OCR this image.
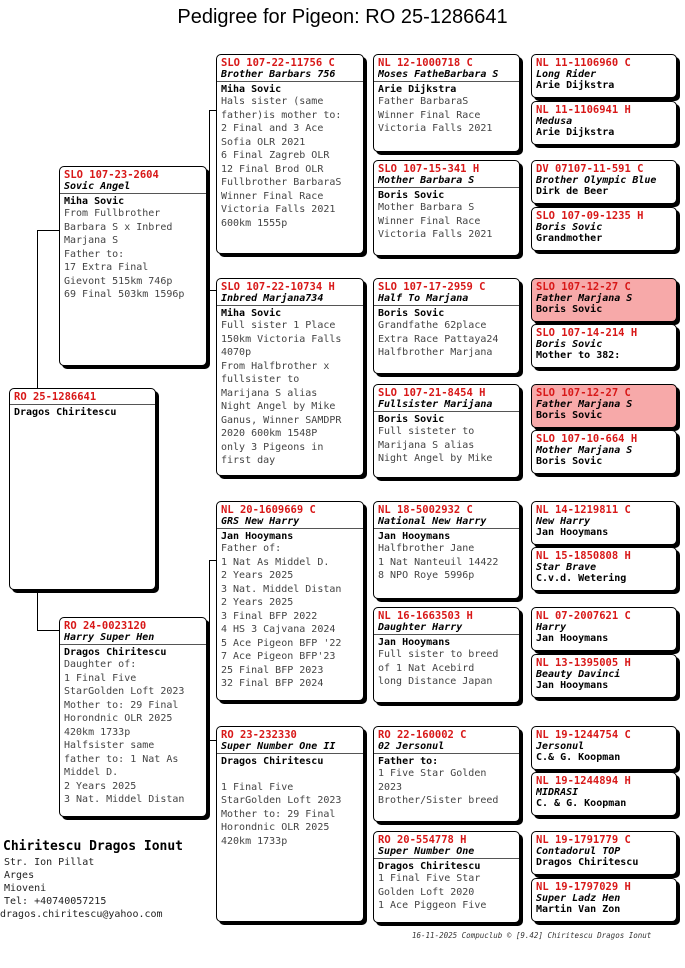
Pedigree for Pigeon: RO 25-1286641
RO 25-1286641
Dragos Chiritescu
SLO 107-23-2604
Sovic Angel
Miha Sovic
From Fullbrother
Barbara S x Inbred
Marjana S
Father to:
17 Extra Final
Gievont 515km 746p
69 Final 503km 1596p
RO 24-0023120
Harry Super Hen
Dragos Chiritescu
Daughter of:
1 Final Five
StarGolden Loft 2023
Mother to: 29 Final
Horondnic OLR 2025
420km 1733p
Halfsister same
father to: 1 Nat As
Middel D.
2 Years 2025
3 Nat. Middel Distan
SLO 107-22-11756 C
Brother Barbars 756
Miha Sovic
Hals sister (same
father)is mother to:
2 Final and 3 Ace
Sofia OLR 2021
6 Final Zagreb OLR
12 Final Brod OLR
Fullbrother BarbaraS
Winner Final Race
Victoria Falls 2021
600km 1555p
SLO 107-22-10734 H
Inbred Marjana734
Miha Sovic
Full sister 1 Place
150km Victoria Falls
4070p
From Halfbrother x
fullsister to
Marijana S alias
Night Angel by Mike
Ganus, Winner SAMDPR
2020 600km 1548P
only 3 Pigeons in
first day
NL 20-1609669 C
GRS New Harry
Jan Hooymans
Father of:
1 Nat As Middel D.
2 Years 2025
3 Nat. Middel Distan
2 Years 2025
3 Final BFP 2022
4 HS 3 Cajvana 2024
5 Ace Pigeon BFP '22
7 Ace Pigeon BFP'23
25 Final BFP 2023
32 Final BFP 2024
RO 23-232330
Super Number One II
Dragos Chiritescu
1 Final Five
StarGolden Loft 2023
Mother to: 29 Final
Horondnic OLR 2025
420km 1733p
NL 12-1000718 C
Moses FatheBarbara S
Arie Dijkstra
Father BarbaraS
Winner Final Race
Victoria Falls 2021
SLO 107-15-341 H
Mother Barbara S
Boris Sovic
Mother Barbara S
Winner Final Race
Victoria Falls 2021
SLO 107-17-2959 C
Half To Marjana
Boris Sovic
Grandfathe 62place
Extra Race Pattaya24
Halfbrother Marjana
SLO 107-21-8454 H
Fullsister Marijana
Boris Sovic
Full sisteter to
Marijana S alias
Night Angel by Mike
NL 18-5002932 C
National New Harry
Jan Hooymans
Halfbrother Jane
1 Nat Nanteuil 14422
8 NPO Roye 5996p
NL 16-1663503 H
Daughter Harry
Jan Hooymans
Full sister to breed
of 1 Nat Acebird
long Distance Japan
RO 22-160002 C
02 Jersonul
Father to:
1 Five Star Golden
2023
Brother/Sister breed
RO 20-554778 H
Super Number One
Dragos Chiritescu
1 Final Five Star
Golden Loft 2020
1 Ace Piggeon Five
NL 11-1106960 C
Long Rider
Arie Dijkstra
NL 11-1106941 H
Medusa
Arie Dijkstra
DV 07107-11-591 C
Brother Olympic Blue
Dirk de Beer
SLO 107-09-1235 H
Boris Sovic
Grandmother
SLO 107-12-27 C
Father Marjana S
Boris Sovic
SLO 107-14-214 H
Boris Sovic
Mother to 382:
SLO 107-12-27 C
Father Marjana S
Boris Sovic
SLO 107-10-664 H
Mother Marjana S
Boris Sovic
NL 14-1219811 C
New Harry
Jan Hooymans
NL 15-1850808 H
Star Brave
C.v.d. Wetering
NL 07-2007621 C
Harry
Jan Hooymans
NL 13-1395005 H
Beauty Davinci
Jan Hooymans
NL 19-1244754 C
Jersonul
C.& G. Koopman
NL 19-1244894 H
MIDRASI
C. & G. Koopman
NL 19-1791779 C
Contadorul TOP
Dragos Chiritescu
NL 19-1797029 H
Super Ladz Hen
Martin Van Zon
Chiritescu Dragos Ionut
Str. Ion Pillat
Arges
Mioveni
Tel: +40740057215
dragos.chiritescu@yahoo.com
16-11-2025 Compuclub © [9.42] Chiritescu Dragos Ionut
